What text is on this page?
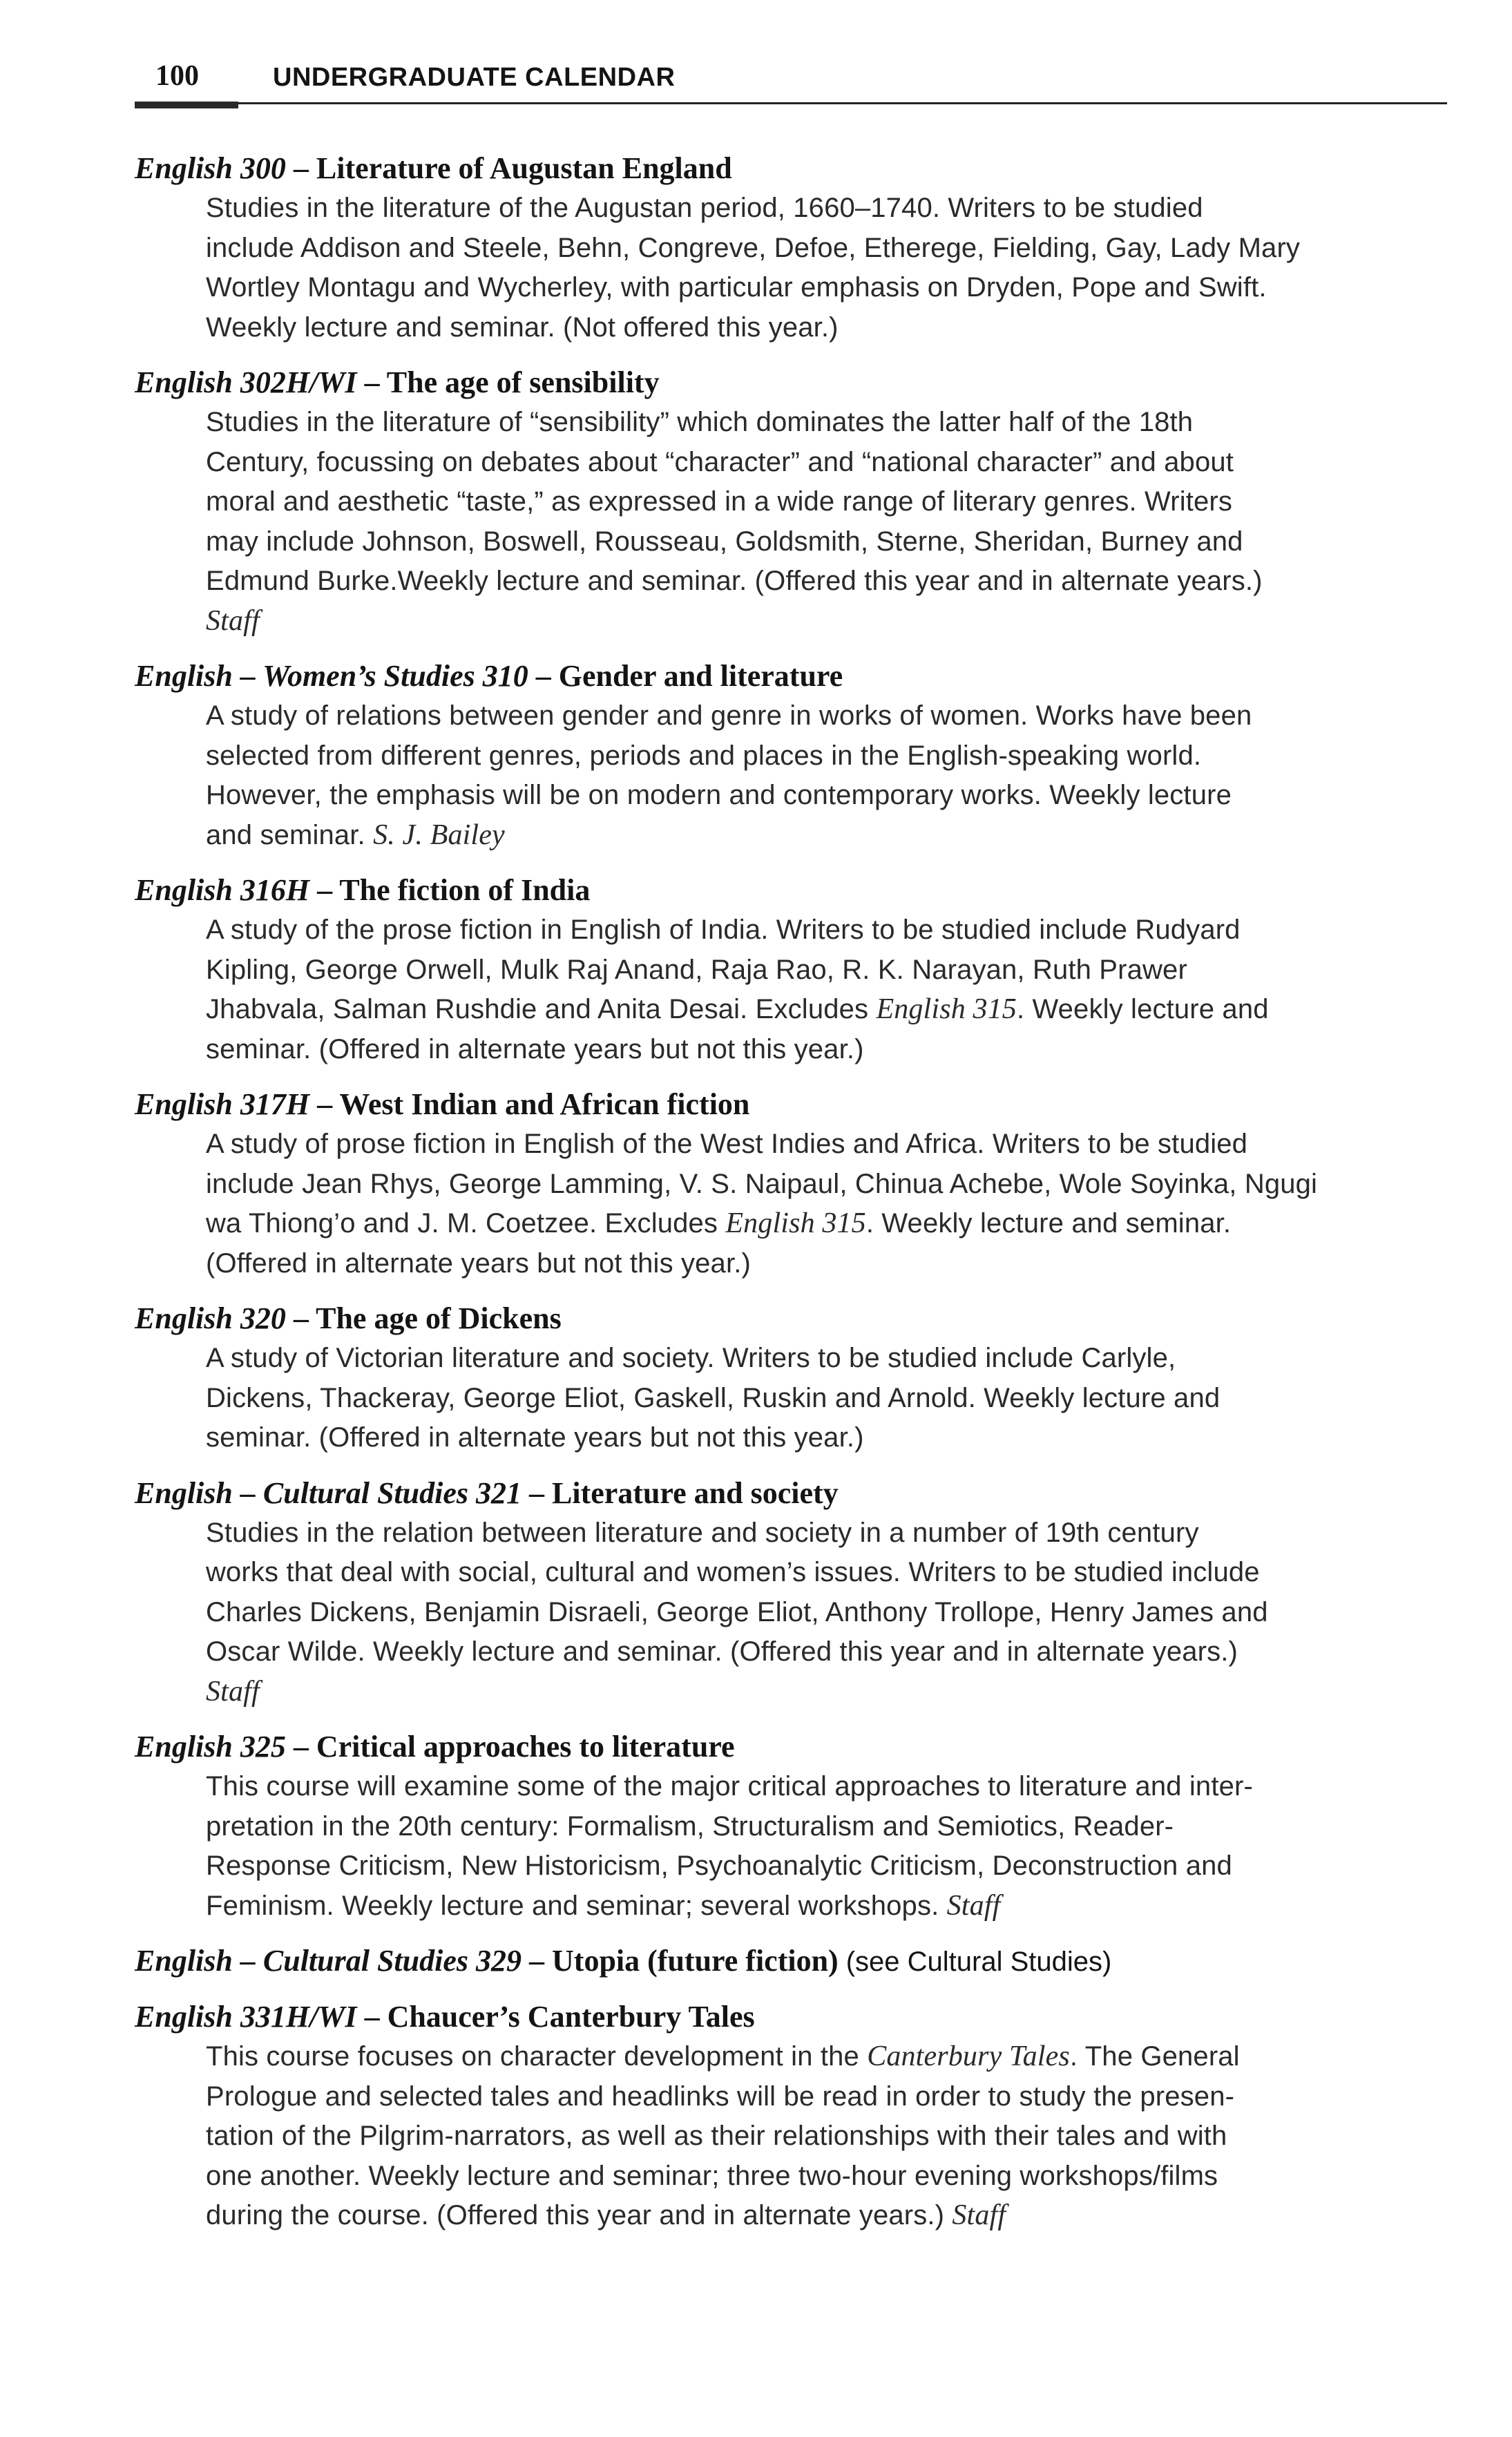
100	UNDERGRADUATE CALENDAR
English 300 – Literature of Augustan England
Studies in the literature of the Augustan period, 1660–1740. Writers to be studied
include Addison and Steele, Behn, Congreve, Defoe, Etherege, Fielding, Gay, Lady Mary
Wortley Montagu and Wycherley, with particular emphasis on Dryden, Pope and Swift.
Weekly lecture and seminar. (Not offered this year.)
English 302H/WI – The age of sensibility
Studies in the literature of “sensibility” which dominates the latter half of the 18th
Century, focussing on debates about “character” and “national character” and about
moral and aesthetic “taste,” as expressed in a wide range of literary genres. Writers
may include Johnson, Boswell, Rousseau, Goldsmith, Sterne, Sheridan, Burney and
Edmund Burke.Weekly lecture and seminar. (Offered this year and in alternate years.)
Staff
English – Women’s Studies 310 – Gender and literature
A study of relations between gender and genre in works of women. Works have been
selected from different genres, periods and places in the English-speaking world.
However, the emphasis will be on modern and contemporary works. Weekly lecture
and seminar. S. J. Bailey
English 316H – The fiction of India
A study of the prose fiction in English of India. Writers to be studied include Rudyard
Kipling, George Orwell, Mulk Raj Anand, Raja Rao, R. K. Narayan, Ruth Prawer
Jhabvala, Salman Rushdie and Anita Desai. Excludes English 315. Weekly lecture and
seminar. (Offered in alternate years but not this year.)
English 317H – West Indian and African fiction
A study of prose fiction in English of the West Indies and Africa. Writers to be studied
include Jean Rhys, George Lamming, V. S. Naipaul, Chinua Achebe, Wole Soyinka, Ngugi
wa Thiong’o and J. M. Coetzee. Excludes English 315. Weekly lecture and seminar.
(Offered in alternate years but not this year.)
English 320 – The age of Dickens
A study of Victorian literature and society. Writers to be studied include Carlyle,
Dickens, Thackeray, George Eliot, Gaskell, Ruskin and Arnold. Weekly lecture and
seminar. (Offered in alternate years but not this year.)
English – Cultural Studies 321 – Literature and society
Studies in the relation between literature and society in a number of 19th century
works that deal with social, cultural and women’s issues. Writers to be studied include
Charles Dickens, Benjamin Disraeli, George Eliot, Anthony Trollope, Henry James and
Oscar Wilde. Weekly lecture and seminar. (Offered this year and in alternate years.)
Staff
English 325 – Critical approaches to literature
This course will examine some of the major critical approaches to literature and inter-
pretation in the 20th century: Formalism, Structuralism and Semiotics, Reader-
Response Criticism, New Historicism, Psychoanalytic Criticism, Deconstruction and
Feminism. Weekly lecture and seminar; several workshops. Staff
English – Cultural Studies 329 – Utopia (future fiction) (see Cultural Studies)
English 331H/WI – Chaucer’s Canterbury Tales
This course focuses on character development in the Canterbury Tales. The General
Prologue and selected tales and headlinks will be read in order to study the presen-
tation of the Pilgrim-narrators, as well as their relationships with their tales and with
one another. Weekly lecture and seminar; three two-hour evening workshops/films
during the course. (Offered this year and in alternate years.) Staff
